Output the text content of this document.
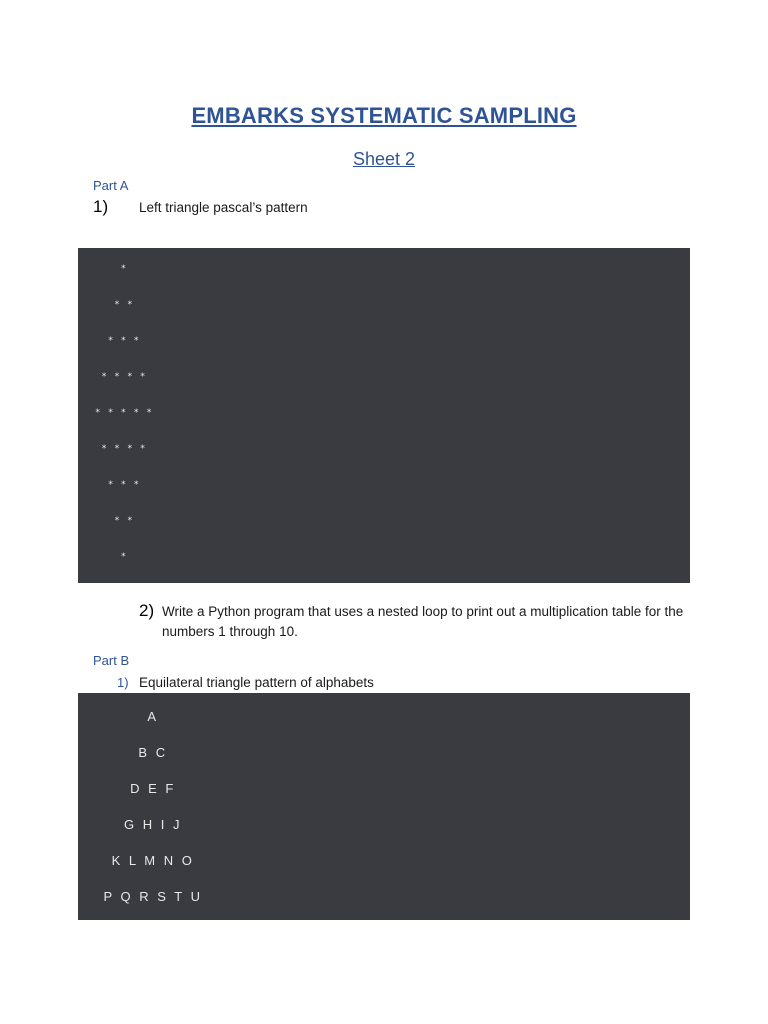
EMBARKS SYSTEMATIC SAMPLING
Sheet 2
Part A
1) Left triangle pascal’s pattern
*
* *
* * *
* * * *
* * * * *
* * * *
* * *
* *
*
2) Write a Python program that uses a nested loop to print out a multiplication table for the numbers 1 through 10.
Part B
1) Equilateral triangle pattern of alphabets
A
B C
D E F
G H I J
K L M N O
P Q R S T U
